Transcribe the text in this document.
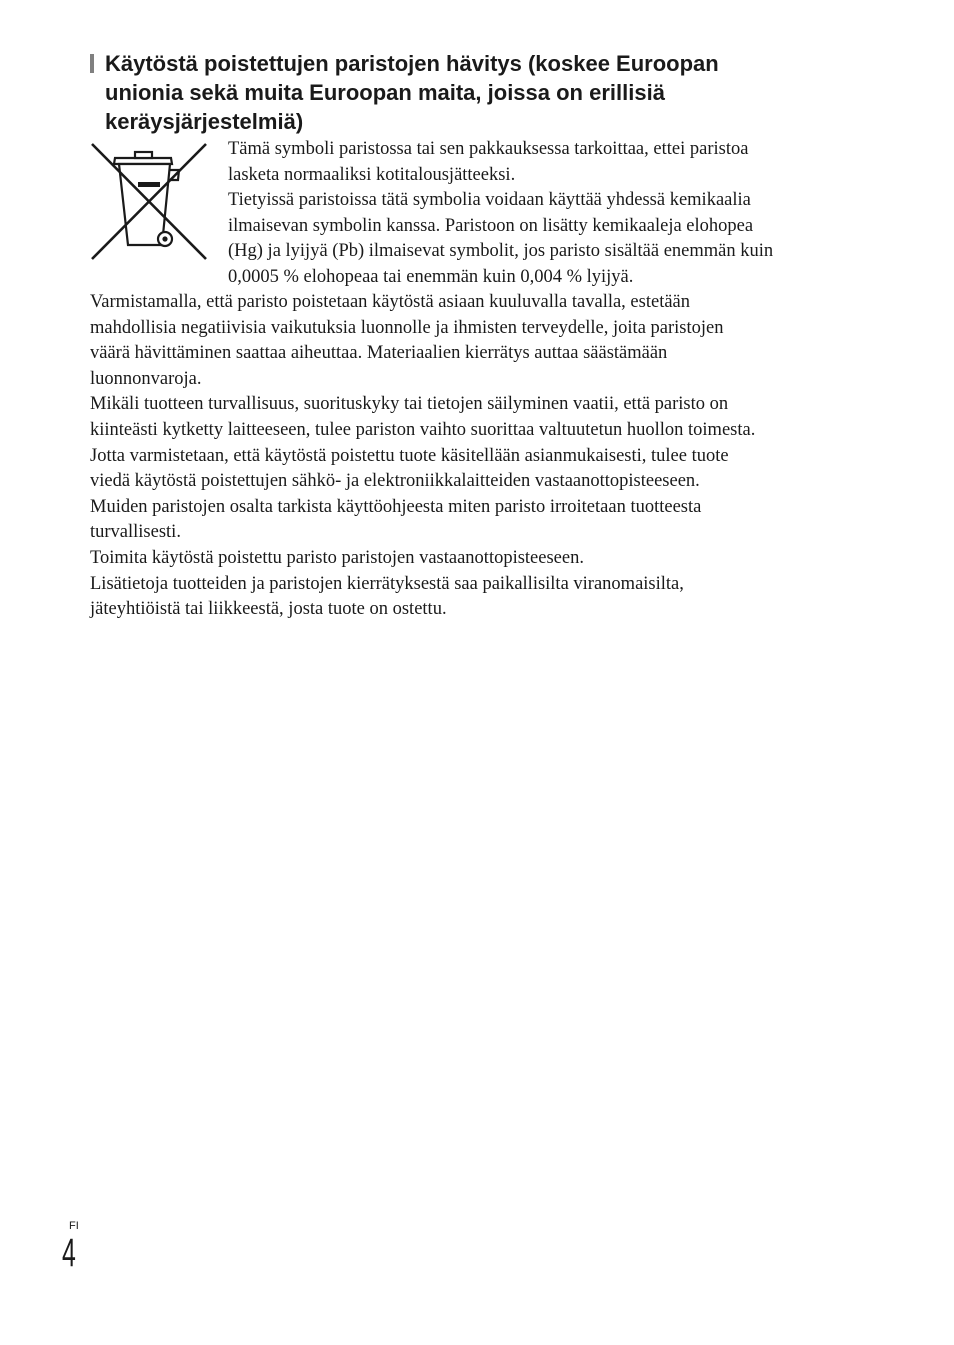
Käytöstä poistettujen paristojen hävitys (koskee Euroopan
unionia sekä muita Euroopan maita, joissa on erillisiä
keräysjärjestelmiä)

Tämä symboli paristossa tai sen pakkauksessa tarkoittaa, ettei paristoa

lasketa normaaliksi kotitalousjätteeksi.

Tietyissä paristoissa tätä symbolia voidaan käyttää yhdessä kemikaalia

ilmaisevan symbolin kanssa. Paristoon on lisätty kemikaaleja elohopea

(Hg) ja lyijyä (Pb) ilmaisevat symbolit, jos paristo sisältää enemmän kuin

0,0005 % elohopeaa tai enemmän kuin 0,004 % lyijyä.

Varmistamalla, että paristo poistetaan käytöstä asiaan kuuluvalla tavalla, estetään

mahdollisia negatiivisia vaikutuksia luonnolle ja ihmisten terveydelle, joita paristojen

väärä hävittäminen saattaa aiheuttaa. Materiaalien kierrätys auttaa säästämään

luonnonvaroja.

Mikäli tuotteen turvallisuus, suorituskyky tai tietojen säilyminen vaatii, että paristo on

kiinteästi kytketty laitteeseen, tulee pariston vaihto suorittaa valtuutetun huollon toimesta.

Jotta varmistetaan, että käytöstä poistettu tuote käsitellään asianmukaisesti, tulee tuote

viedä käytöstä poistettujen sähkö- ja elektroniikkalaitteiden vastaanottopisteeseen.

Muiden paristojen osalta tarkista käyttöohjeesta miten paristo irroitetaan tuotteesta

turvallisesti.

Toimita käytöstä poistettu paristo paristojen vastaanottopisteeseen.

Lisätietoja tuotteiden ja paristojen kierrätyksestä saa paikallisilta viranomaisilta,

jäteyhtiöistä tai liikkeestä, josta tuote on ostettu.

FI
4
